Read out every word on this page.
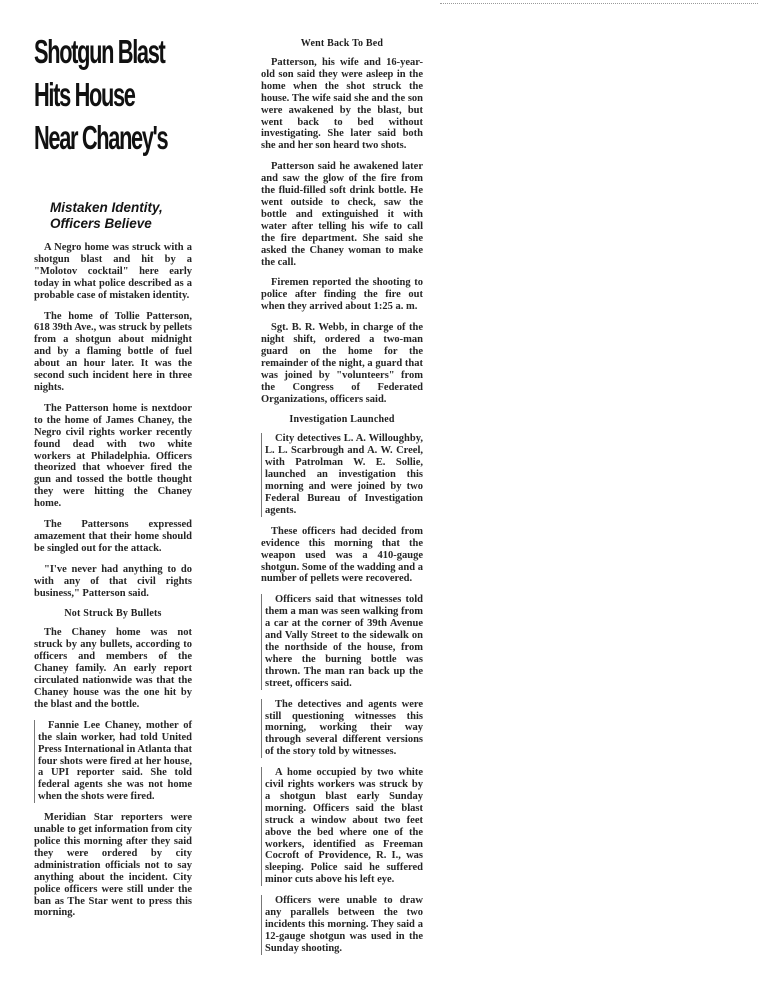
Shotgun Blast
Hits House
Near Chaney's
Mistaken Identity,
Officers Believe

A Negro home was struck with a shotgun blast and hit by a "Molotov cocktail" here early today in what police described as a probable case of mistaken identity.

The home of Tollie Patterson, 618 39th Ave., was struck by pellets from a shotgun about midnight and by a flaming bottle of fuel about an hour later. It was the second such incident here in three nights.

The Patterson home is nextdoor to the home of James Chaney, the Negro civil rights worker recently found dead with two white workers at Philadelphia. Officers theorized that whoever fired the gun and tossed the bottle thought they were hitting the Chaney home.

The Pattersons expressed amazement that their home should be singled out for the attack.

"I've never had anything to do with any of that civil rights business," Patterson said.

Not Struck By Bullets

The Chaney home was not struck by any bullets, according to officers and members of the Chaney family. An early report circulated nationwide was that the Chaney house was the one hit by the blast and the bottle.

Fannie Lee Chaney, mother of the slain worker, had told United Press International in Atlanta that four shots were fired at her house, a UPI reporter said. She told federal agents she was not home when the shots were fired.

Meridian Star reporters were unable to get information from city police this morning after they said they were ordered by city administration officials not to say anything about the incident. City police officers were still under the ban as The Star went to press this morning.

Went Back To Bed

Patterson, his wife and 16-year-old son said they were asleep in the home when the shot struck the house. The wife said she and the son were awakened by the blast, but went back to bed without investigating. She later said both she and her son heard two shots.

Patterson said he awakened later and saw the glow of the fire from the fluid-filled soft drink bottle. He went outside to check, saw the bottle and extinguished it with water after telling his wife to call the fire department. She said she asked the Chaney woman to make the call.

Firemen reported the shooting to police after finding the fire out when they arrived about 1:25 a. m.

Sgt. B. R. Webb, in charge of the night shift, ordered a two-man guard on the home for the remainder of the night, a guard that was joined by "volunteers" from the Congress of Federated Organizations, officers said.

Investigation Launched

City detectives L. A. Willoughby, L. L. Scarbrough and A. W. Creel, with Patrolman W. E. Sollie, launched an investigation this morning and were joined by two Federal Bureau of Investigation agents.

These officers had decided from evidence this morning that the weapon used was a 410-gauge shotgun. Some of the wadding and a number of pellets were recovered.

Officers said that witnesses told them a man was seen walking from a car at the corner of 39th Avenue and Vally Street to the sidewalk on the northside of the house, from where the burning bottle was thrown. The man ran back up the street, officers said.

The detectives and agents were still questioning witnesses this morning, working their way through several different versions of the story told by witnesses.

A home occupied by two white civil rights workers was struck by a shotgun blast early Sunday morning. Officers said the blast struck a window about two feet above the bed where one of the workers, identified as Freeman Cocroft of Providence, R. I., was sleeping. Police said he suffered minor cuts above his left eye.

Officers were unable to draw any parallels between the two incidents this morning. They said a 12-gauge shotgun was used in the Sunday shooting.
